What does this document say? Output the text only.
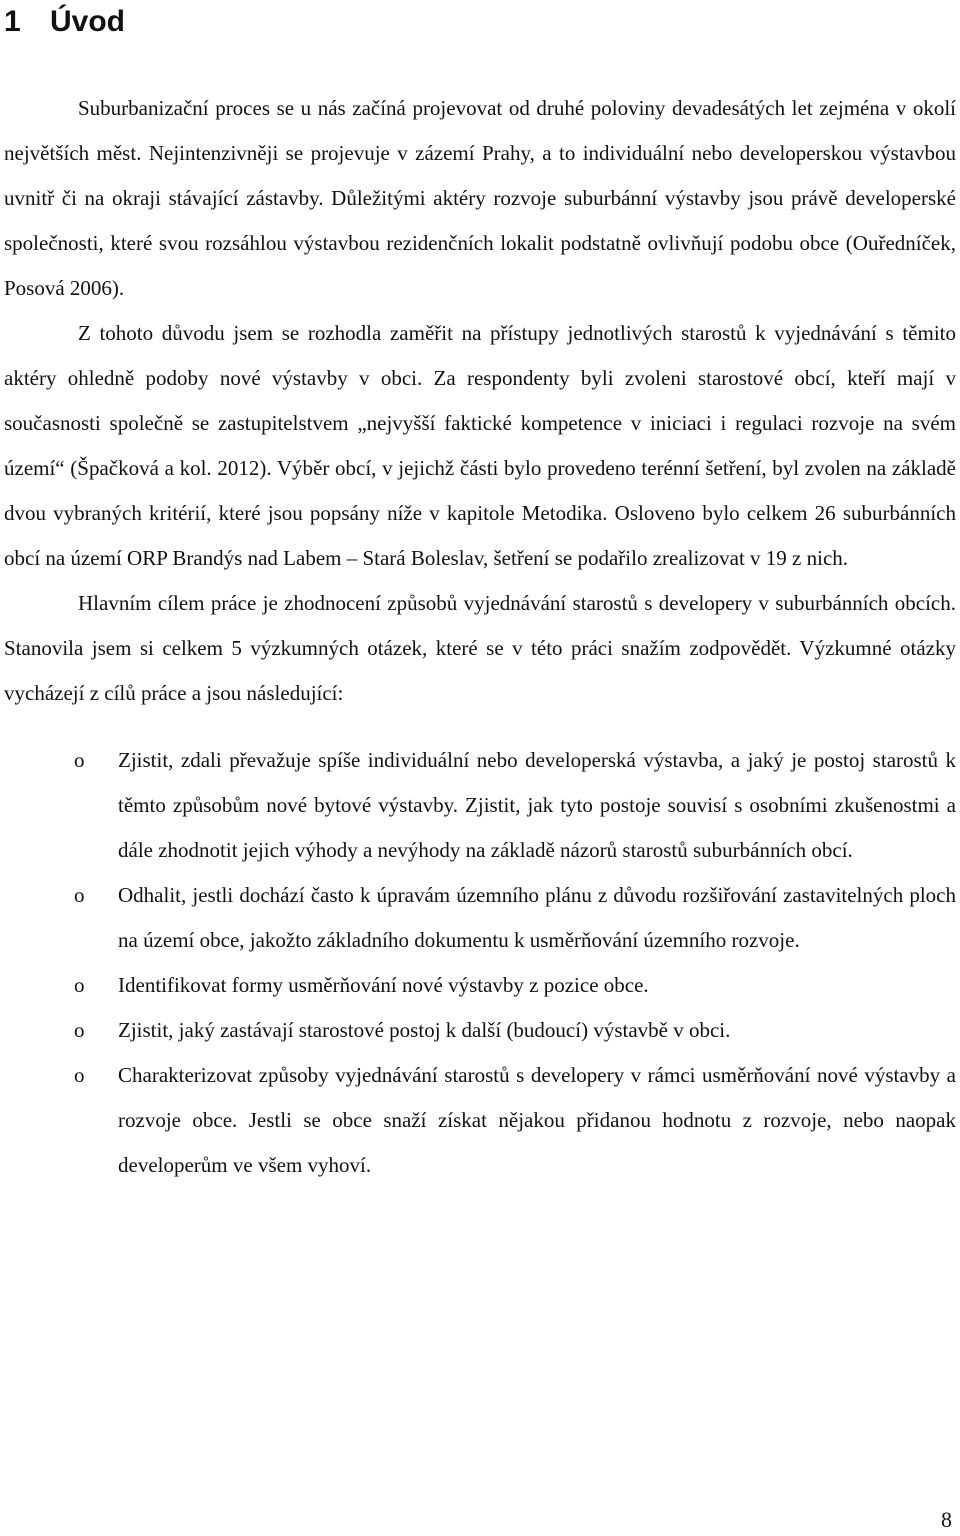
1 Úvod

Suburbanizační proces se u nás začíná projevovat od druhé poloviny devadesátých let zejména v okolí největších měst. Nejintenzivněji se projevuje v zázemí Prahy, a to individuální nebo developerskou výstavbou uvnitř či na okraji stávající zástavby. Důležitými aktéry rozvoje suburbánní výstavby jsou právě developerské společnosti, které svou rozsáhlou výstavbou rezidenčních lokalit podstatně ovlivňují podobu obce (Ouředníček, Posová 2006).

Z tohoto důvodu jsem se rozhodla zaměřit na přístupy jednotlivých starostů k vyjednávání s těmito aktéry ohledně podoby nové výstavby v obci. Za respondenty byli zvoleni starostové obcí, kteří mají v současnosti společně se zastupitelstvem „nejvyšší faktické kompetence v iniciaci i regulaci rozvoje na svém území“ (Špačková a kol. 2012). Výběr obcí, v jejichž části bylo provedeno terénní šetření, byl zvolen na základě dvou vybraných kritérií, které jsou popsány níže v kapitole Metodika. Osloveno bylo celkem 26 suburbánních obcí na území ORP Brandýs nad Labem – Stará Boleslav, šetření se podařilo zrealizovat v 19 z nich.

Hlavním cílem práce je zhodnocení způsobů vyjednávání starostů s developery v suburbánních obcích. Stanovila jsem si celkem 5 výzkumných otázek, které se v této práci snažím zodpovědět. Výzkumné otázky vycházejí z cílů práce a jsou následující:

o Zjistit, zdali převažuje spíše individuální nebo developerská výstavba, a jaký je postoj starostů k těmto způsobům nové bytové výstavby. Zjistit, jak tyto postoje souvisí s osobními zkušenostmi a dále zhodnotit jejich výhody a nevýhody na základě názorů starostů suburbánních obcí.
o Odhalit, jestli dochází často k úpravám územního plánu z důvodu rozšiřování zastavitelných ploch na území obce, jakožto základního dokumentu k usměrňování územního rozvoje.
o Identifikovat formy usměrňování nové výstavby z pozice obce.
o Zjistit, jaký zastávají starostové postoj k další (budoucí) výstavbě v obci.
o Charakterizovat způsoby vyjednávání starostů s developery v rámci usměrňování nové výstavby a rozvoje obce. Jestli se obce snaží získat nějakou přidanou hodnotu z rozvoje, nebo naopak developerům ve všem vyhoví.
8
